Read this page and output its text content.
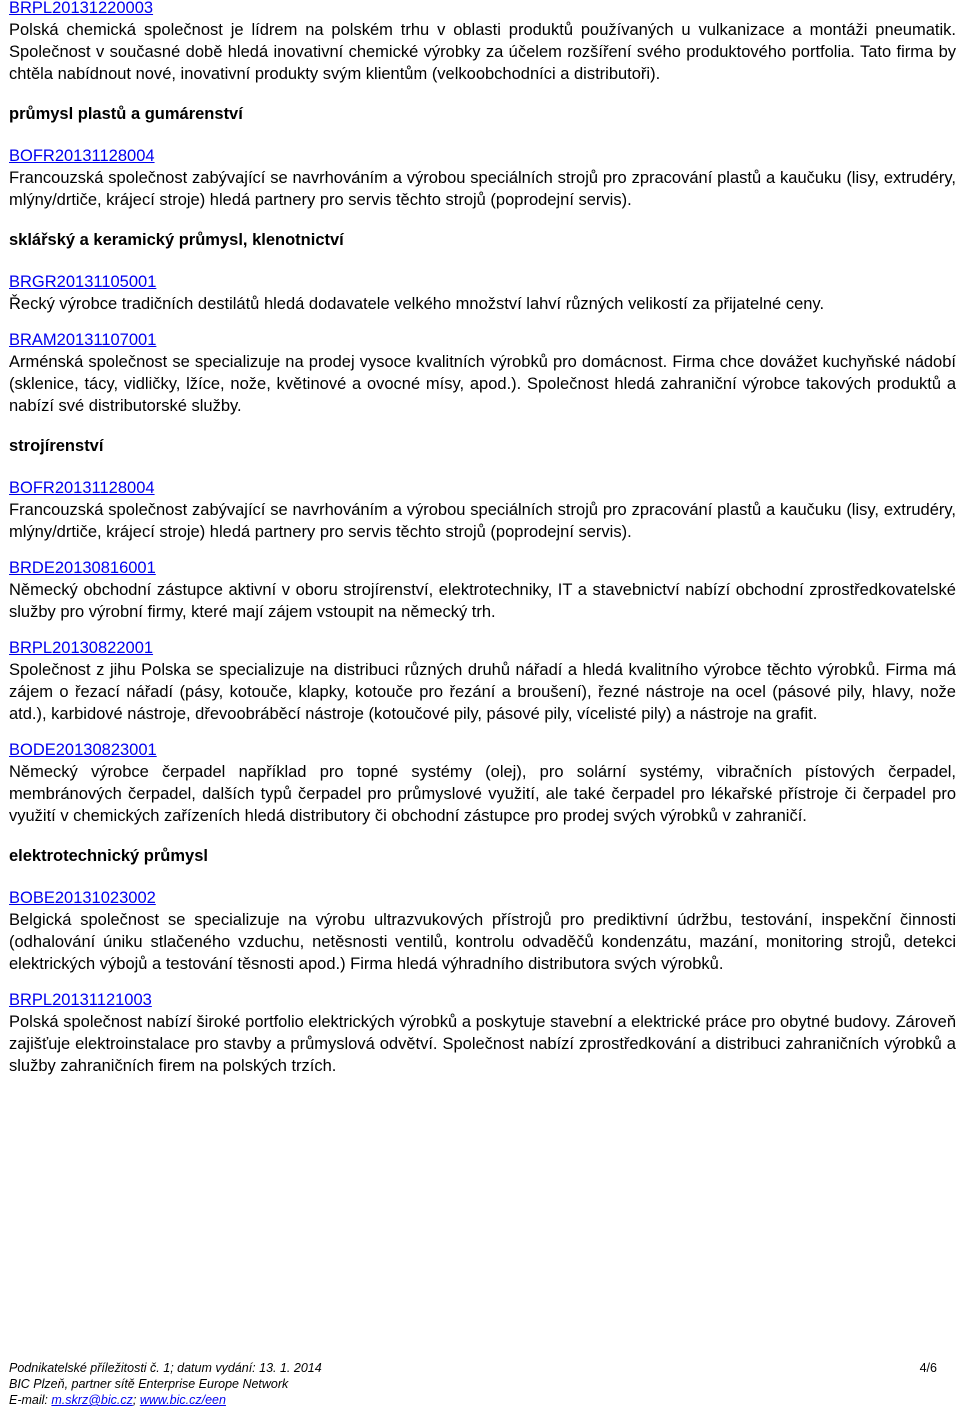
BRPL20131220003

Polská chemická společnost je lídrem na polském trhu v oblasti produktů používaných u vulkanizace a montáži pneumatik. Společnost v současné době hledá inovativní chemické výrobky za účelem rozšíření svého produktového portfolia. Tato firma by chtěla nabídnout nové, inovativní produkty svým klientům (velkoobchodníci a distributoři).

průmysl plastů a gumárenství
BOFR20131128004

Francouzská společnost zabývající se navrhováním a výrobou speciálních strojů pro zpracování plastů a kaučuku (lisy, extrudéry, mlýny/drtiče, krájecí stroje) hledá partnery pro servis těchto strojů (poprodejní servis).

sklářský a keramický průmysl, klenotnictví
BRGR20131105001

Řecký výrobce tradičních destilátů hledá dodavatele velkého množství lahví různých velikostí za přijatelné ceny.

BRAM20131107001

Arménská společnost se specializuje na prodej vysoce kvalitních výrobků pro domácnost. Firma chce dovážet kuchyňské nádobí (sklenice, tácy, vidličky, lžíce, nože, květinové a ovocné mísy, apod.). Společnost hledá zahraniční výrobce takových produktů a nabízí své distributorské služby.

strojírenství
BOFR20131128004

Francouzská společnost zabývající se navrhováním a výrobou speciálních strojů pro zpracování plastů a kaučuku (lisy, extrudéry, mlýny/drtiče, krájecí stroje) hledá partnery pro servis těchto strojů (poprodejní servis).

BRDE20130816001

Německý obchodní zástupce aktivní v oboru strojírenství, elektrotechniky, IT a stavebnictví nabízí obchodní zprostředkovatelské služby pro výrobní firmy, které mají zájem vstoupit na německý trh.

BRPL20130822001

Společnost z jihu Polska se specializuje na distribuci různých druhů nářadí a hledá kvalitního výrobce těchto výrobků. Firma má zájem o řezací nářadí (pásy, kotouče, klapky, kotouče pro řezání a broušení), řezné nástroje na ocel (pásové pily, hlavy, nože atd.), karbidové nástroje, dřevoobráběcí nástroje (kotoučové pily, pásové pily, vícelisté pily) a nástroje na grafit.

BODE20130823001

Německý výrobce čerpadel například pro topné systémy (olej), pro solární systémy, vibračních pístových čerpadel, membránových čerpadel, dalších typů čerpadel pro průmyslové využití, ale také čerpadel pro lékařské přístroje či čerpadel pro využití v chemických zařízeních hledá distributory či obchodní zástupce pro prodej svých výrobků v zahraničí.

elektrotechnický průmysl
BOBE20131023002

Belgická společnost se specializuje na výrobu ultrazvukových přístrojů pro prediktivní údržbu, testování, inspekční činnosti (odhalování úniku stlačeného vzduchu, netěsnosti ventilů, kontrolu odvaděčů kondenzátu, mazání, monitoring strojů, detekci elektrických výbojů a testování těsnosti apod.) Firma hledá výhradního distributora svých výrobků.

BRPL20131121003

Polská společnost nabízí široké portfolio elektrických výrobků a poskytuje stavební a elektrické práce pro obytné budovy. Zároveň zajišťuje elektroinstalace pro stavby a průmyslová odvětví. Společnost nabízí zprostředkování a distribuci zahraničních výrobků a služby zahraničních firem na polských trzích.

Podnikatelské příležitosti č. 1; datum vydání: 13. 1. 2014	4/6
BIC Plzeň, partner sítě Enterprise Europe Network
E-mail: m.skrz@bic.cz; www.bic.cz/een
